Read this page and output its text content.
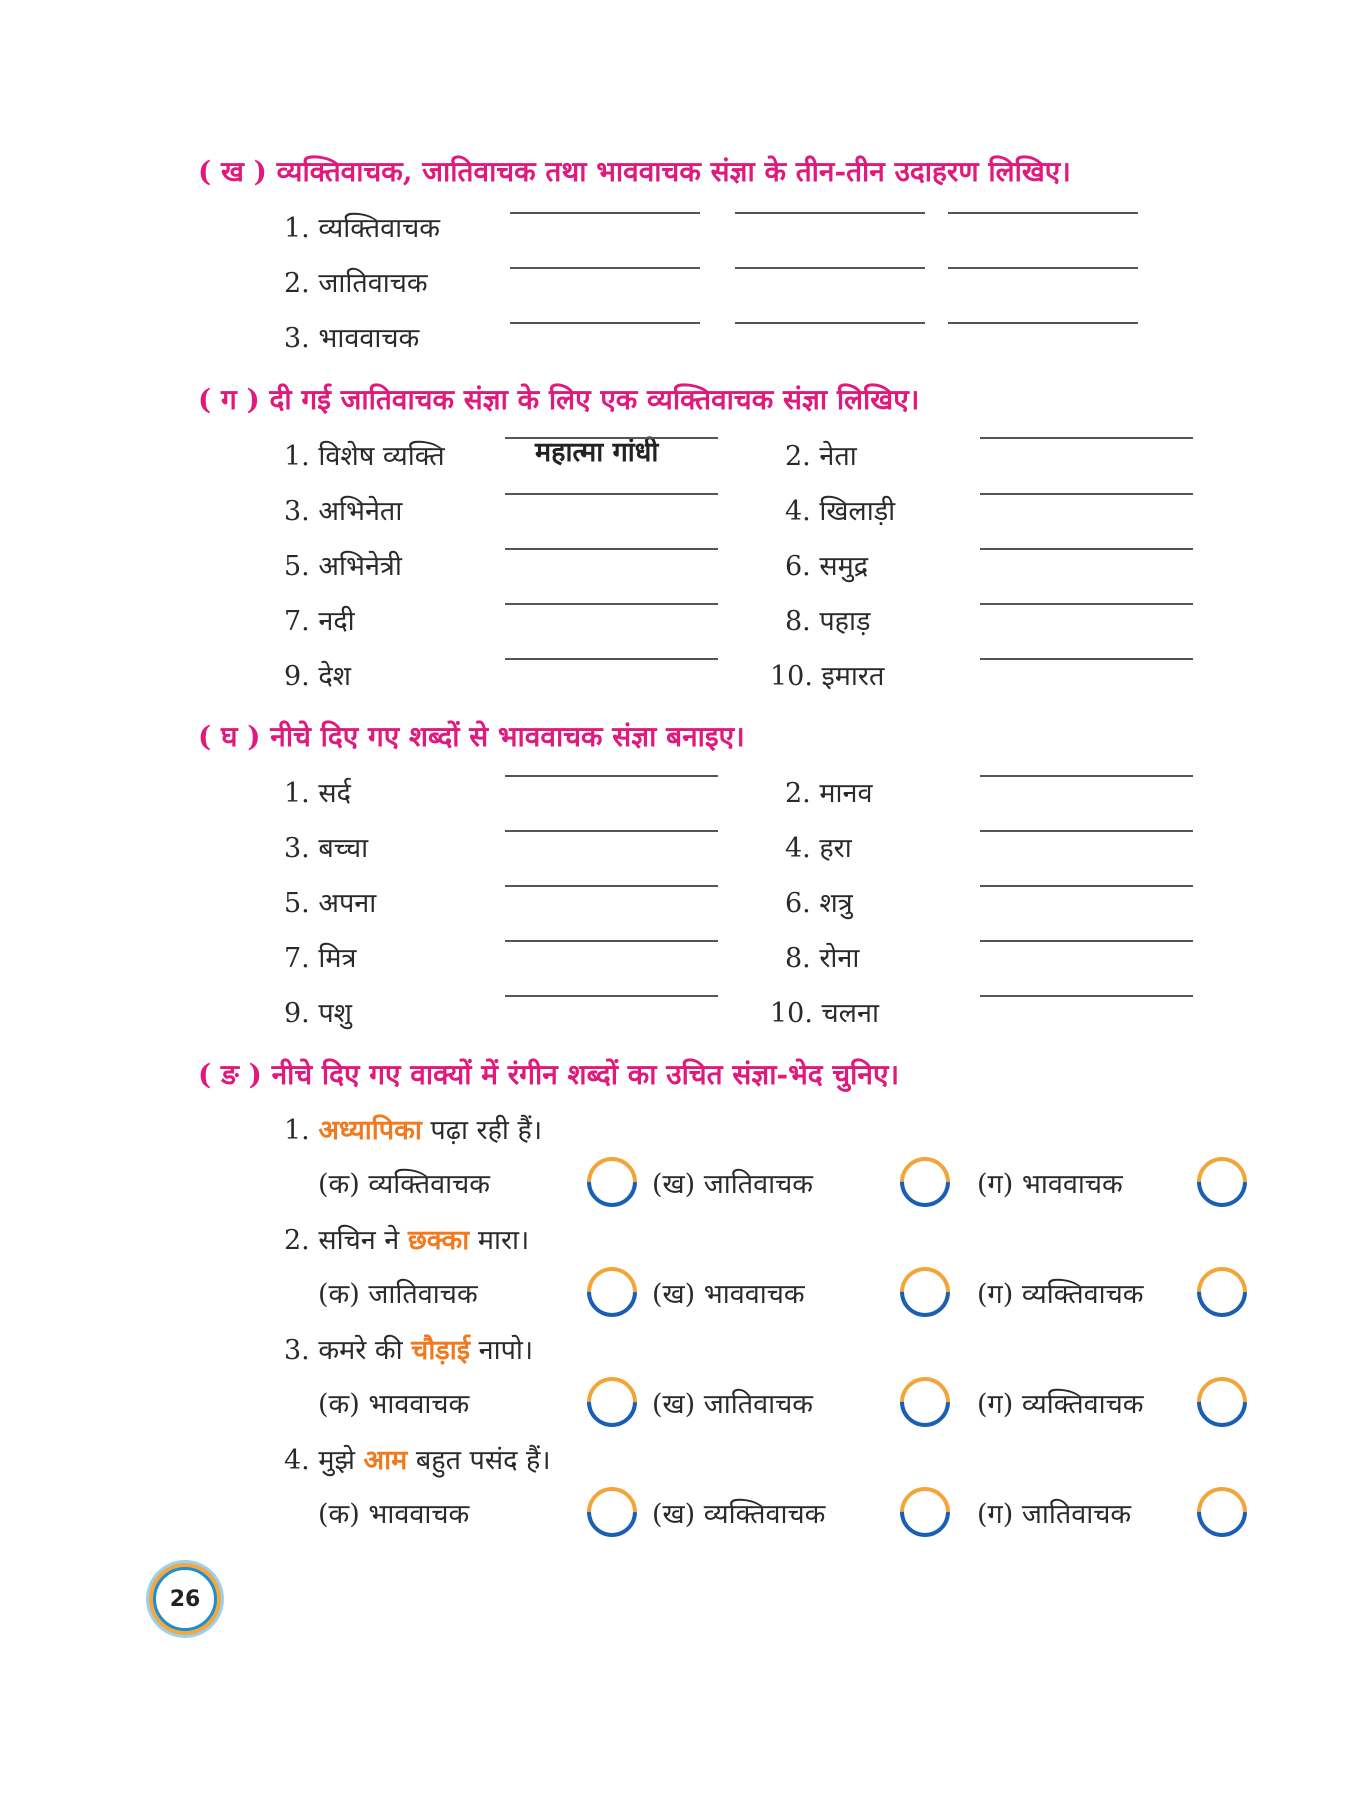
( ख ) व्यक्तिवाचक, जातिवाचक तथा भाववाचक संज्ञा के तीन-तीन उदाहरण लिखिए।
1. व्यक्तिवाचक
2. जातिवाचक
3. भाववाचक
( ग ) दी गई जातिवाचक संज्ञा के लिए एक व्यक्तिवाचक संज्ञा लिखिए।
1. विशेष व्यक्ति	महात्मा गांधी	2. नेता
3. अभिनेता	4. खिलाड़ी
5. अभिनेत्री	6. समुद्र
7. नदी	8. पहाड़
9. देश	10. इमारत
( घ ) नीचे दिए गए शब्दों से भाववाचक संज्ञा बनाइए।
1. सर्द	2. मानव
3. बच्चा	4. हरा
5. अपना	6. शत्रु
7. मित्र	8. रोना
9. पशु	10. चलना
( ङ ) नीचे दिए गए वाक्यों में रंगीन शब्दों का उचित संज्ञा-भेद चुनिए।
1. अध्यापिका पढ़ा रही हैं।
(क) व्यक्तिवाचक	(ख) जातिवाचक	(ग) भाववाचक
2. सचिन ने छक्का मारा।
(क) जातिवाचक	(ख) भाववाचक	(ग) व्यक्तिवाचक
3. कमरे की चौड़ाई नापो।
(क) भाववाचक	(ख) जातिवाचक	(ग) व्यक्तिवाचक
4. मुझे आम बहुत पसंद हैं।
(क) भाववाचक	(ख) व्यक्तिवाचक	(ग) जातिवाचक
26
